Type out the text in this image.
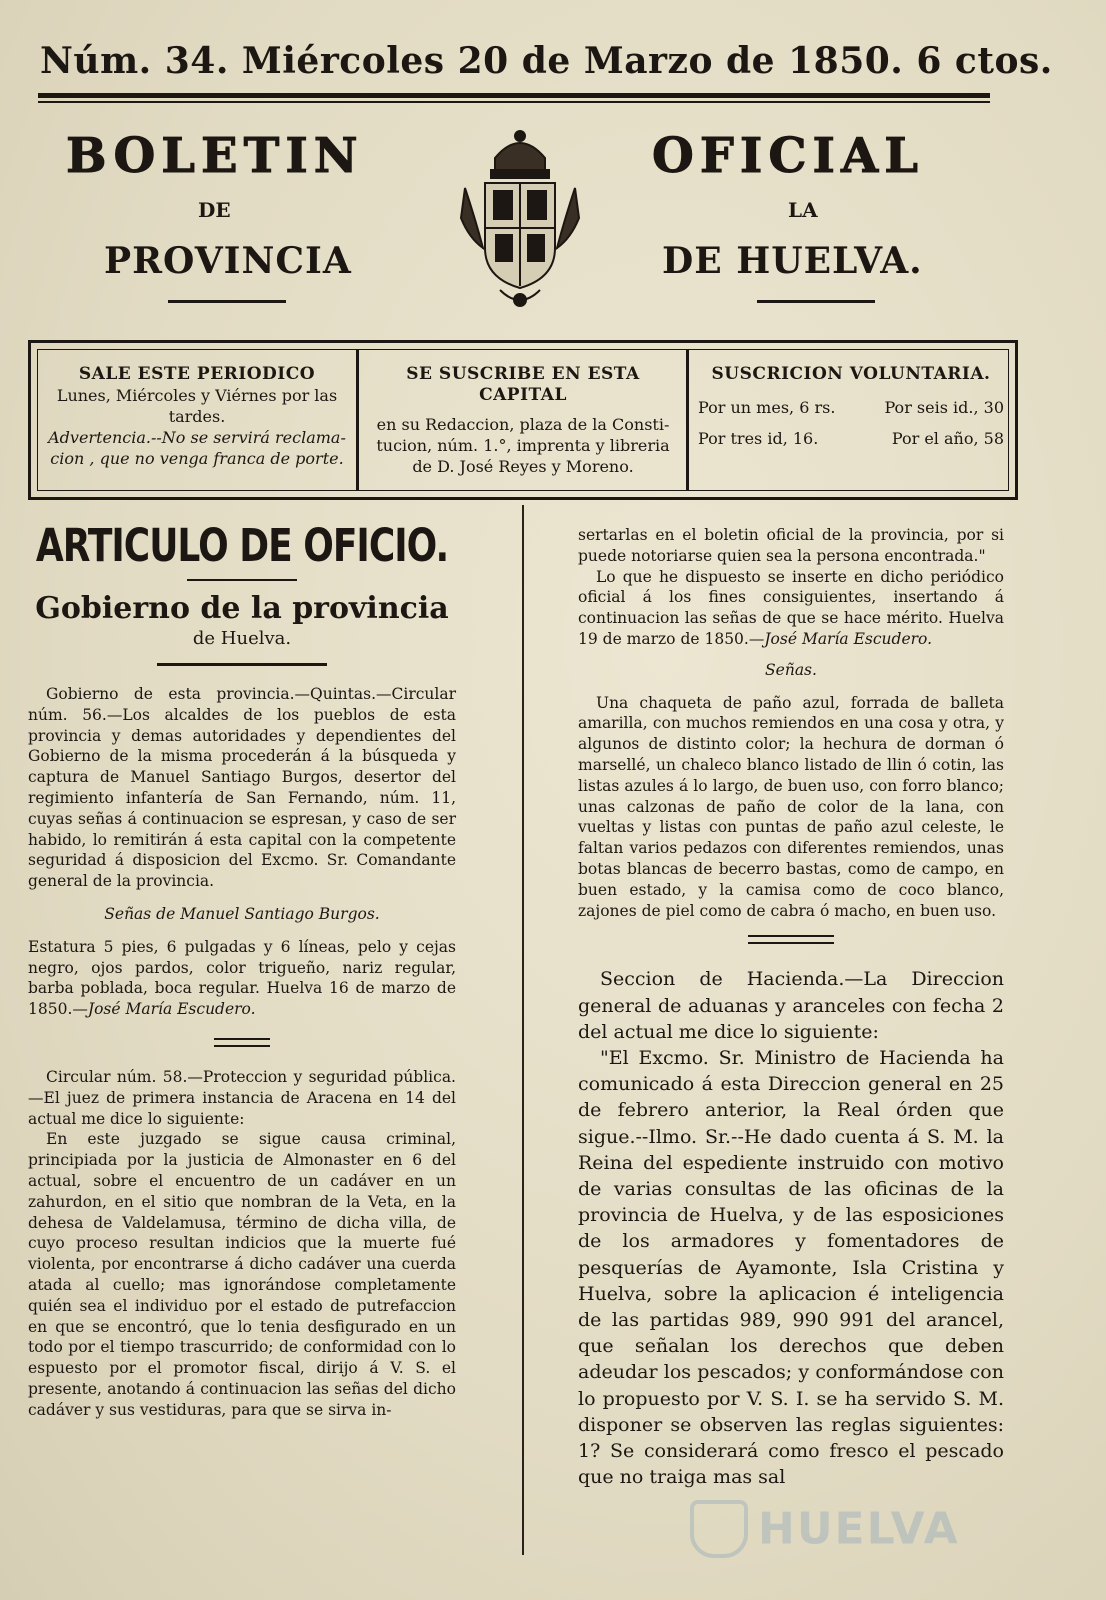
Núm. 34. Miércoles 20 de Marzo de 1850. 6 ctos.
BOLETIN	OFICIAL
DE	LA
PROVINCIA	DE HUELVA.
SALE ESTE PERIODICO
Lunes, Miércoles y Viérnes por las
tardes.
Advertencia.--No se servirá reclama-
cion , que no venga franca de porte.
SE SUSCRIBE EN ESTA CAPITAL
en su Redaccion, plaza de la Consti-
tucion, núm. 1.°, imprenta y libreria
de D. José Reyes y Moreno.
SUSCRICION VOLUNTARIA.
Por un mes, 6 rs.	Por seis id., 30
Por tres id, 16.	Por el año, 58
ARTICULO DE OFICIO.
Gobierno de la provincia
de Huelva.

Gobierno de esta provincia.—Quintas.—Circular núm. 56.—Los alcaldes de los pueblos de esta provincia y demas autoridades y dependientes del Gobierno de la misma procederán á la búsqueda y captura de Manuel Santiago Burgos, desertor del regimiento infantería de San Fernando, núm. 11, cuyas señas á continuacion se espresan, y caso de ser habido, lo remitirán á esta capital con la competente seguridad á disposicion del Excmo. Sr. Comandante general de la provincia.

Señas de Manuel Santiago Burgos.

Estatura 5 pies, 6 pulgadas y 6 líneas, pelo y cejas negro, ojos pardos, color trigueño, nariz regular, barba poblada, boca regular. Huelva 16 de marzo de 1850.—José María Escudero.

Circular núm. 58.—Proteccion y seguridad pública.—El juez de primera instancia de Aracena en 14 del actual me dice lo siguiente:

En este juzgado se sigue causa criminal, principiada por la justicia de Almonaster en 6 del actual, sobre el encuentro de un cadáver en un zahurdon, en el sitio que nombran de la Veta, en la dehesa de Valdelamusa, término de dicha villa, de cuyo proceso resultan indicios que la muerte fué violenta, por encontrarse á dicho cadáver una cuerda atada al cuello; mas ignorándose completamente quién sea el individuo por el estado de putrefaccion en que se encontró, que lo tenia desfigurado en un todo por el tiempo trascurrido; de conformidad con lo espuesto por el promotor fiscal, dirijo á V. S. el presente, anotando á continuacion las señas del dicho cadáver y sus vestiduras, para que se sirva in-

sertarlas en el boletin oficial de la provincia, por si puede notoriarse quien sea la persona encontrada."

Lo que he dispuesto se inserte en dicho periódico oficial á los fines consiguientes, insertando á continuacion las señas de que se hace mérito. Huelva 19 de marzo de 1850.—José María Escudero.

Señas.

Una chaqueta de paño azul, forrada de balleta amarilla, con muchos remiendos en una cosa y otra, y algunos de distinto color; la hechura de dorman ó marsellé, un chaleco blanco listado de llin ó cotin, las listas azules á lo largo, de buen uso, con forro blanco; unas calzonas de paño de color de la lana, con vueltas y listas con puntas de paño azul celeste, le faltan varios pedazos con diferentes remiendos, unas botas blancas de becerro bastas, como de campo, en buen estado, y la camisa como de coco blanco, zajones de piel como de cabra ó macho, en buen uso.

Seccion de Hacienda.—La Direccion general de aduanas y aranceles con fecha 2 del actual me dice lo siguiente:

"El Excmo. Sr. Ministro de Hacienda ha comunicado á esta Direccion general en 25 de febrero anterior, la Real órden que sigue.--Ilmo. Sr.--He dado cuenta á S. M. la Reina del espediente instruido con motivo de varias consultas de las oficinas de la provincia de Huelva, y de las esposiciones de los armadores y fomentadores de pesquerías de Ayamonte, Isla Cristina y Huelva, sobre la aplicacion é inteligencia de las partidas 989, 990 991 del arancel, que señalan los derechos que deben adeudar los pescados; y conformándose con lo propuesto por V. S. I. se ha servido S. M. disponer se observen las reglas siguientes: 1? Se considerará como fresco el pescado que no traiga mas sal

HUELVA
